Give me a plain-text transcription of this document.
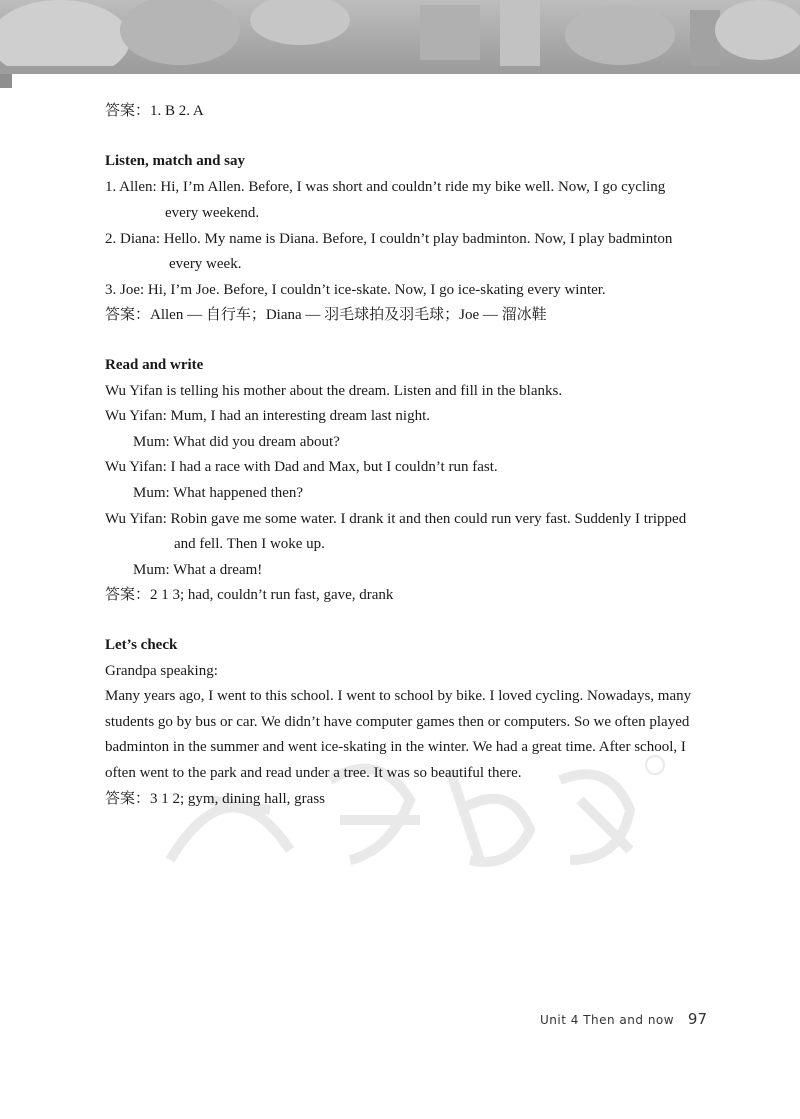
答案：1. B 2. A
Listen, match and say
1. Allen: Hi, I’m Allen. Before, I was short and couldn’t ride my bike well. Now, I go cycling
every weekend.
2. Diana: Hello. My name is Diana. Before, I couldn’t play badminton. Now, I play badminton
every week.
3. Joe: Hi, I’m Joe. Before, I couldn’t ice-skate. Now, I go ice-skating every winter.
答案：Allen — 自行车；Diana — 羽毛球拍及羽毛球；Joe — 溜冰鞋
Read and write
Wu Yifan is telling his mother about the dream. Listen and fill in the blanks.
Wu Yifan: Mum, I had an interesting dream last night.
Mum: What did you dream about?
Wu Yifan: I had a race with Dad and Max, but I couldn’t run fast.
Mum: What happened then?
Wu Yifan: Robin gave me some water. I drank it and then could run very fast. Suddenly I tripped
and fell. Then I woke up.
Mum: What a dream!
答案：2 1 3; had, couldn’t run fast, gave, drank
Let’s check
Grandpa speaking:
Many years ago, I went to this school. I went to school by bike. I loved cycling. Nowadays, many
students go by bus or car. We didn’t have computer games then or computers. So we often played
badminton in the summer and went ice-skating in the winter. We had a great time. After school, I
often went to the park and read under a tree. It was so beautiful there.
答案：3 1 2; gym, dining hall, grass
Unit 4 Then and now 97
